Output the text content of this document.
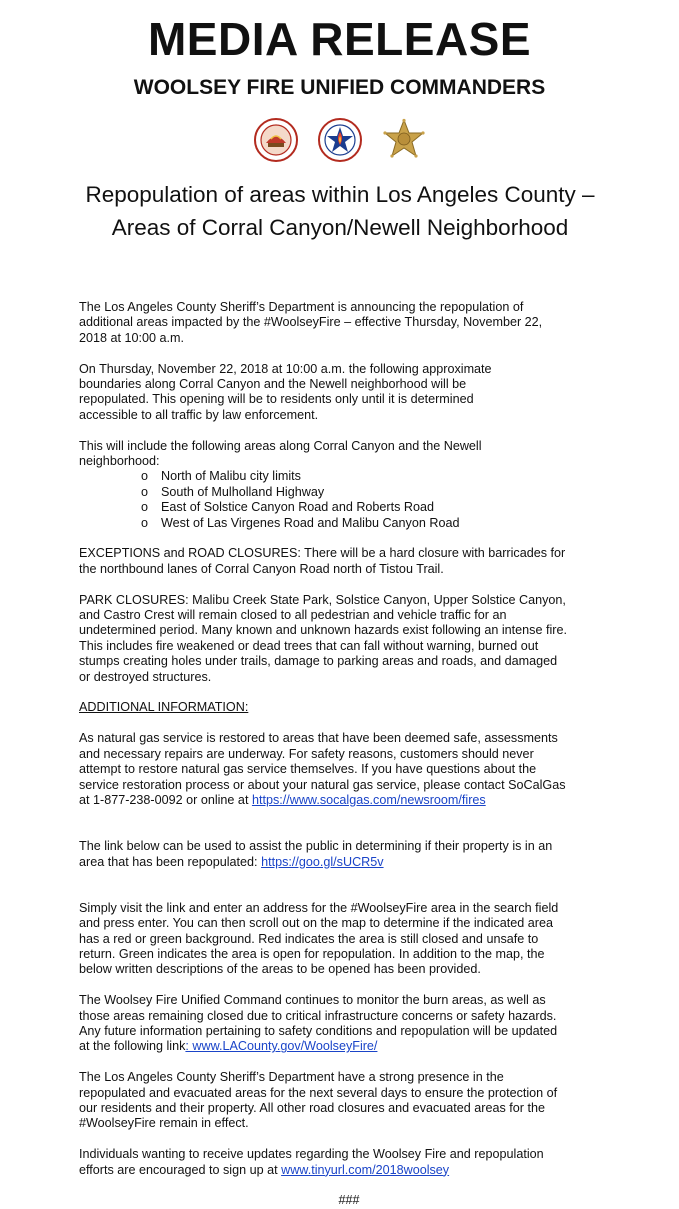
MEDIA RELEASE
WOOLSEY FIRE UNIFIED COMMANDERS
Repopulation of areas within Los Angeles County – Areas of Corral Canyon/Newell Neighborhood

The Los Angeles County Sheriff’s Department is announcing the repopulation of
additional areas impacted by the #WoolseyFire – effective Thursday, November 22,
2018 at 10:00 a.m.

On Thursday, November 22, 2018 at 10:00 a.m. the following approximate
boundaries along Corral Canyon and the Newell neighborhood will be
repopulated. This opening will be to residents only until it is determined
accessible to all traffic by law enforcement.

This will include the following areas along Corral Canyon and the Newell
neighborhood:

o North of Malibu city limits
o South of Mulholland Highway
o East of Solstice Canyon Road and Roberts Road
o West of Las Virgenes Road and Malibu Canyon Road

EXCEPTIONS and ROAD CLOSURES: There will be a hard closure with barricades for
the northbound lanes of Corral Canyon Road north of Tistou Trail.

PARK CLOSURES: Malibu Creek State Park, Solstice Canyon, Upper Solstice Canyon,
and Castro Crest will remain closed to all pedestrian and vehicle traffic for an
undetermined period. Many known and unknown hazards exist following an intense fire.
This includes fire weakened or dead trees that can fall without warning, burned out
stumps creating holes under trails, damage to parking areas and roads, and damaged
or destroyed structures.

ADDITIONAL INFORMATION:

As natural gas service is restored to areas that have been deemed safe, assessments
and necessary repairs are underway. For safety reasons, customers should never
attempt to restore natural gas service themselves. If you have questions about the
service restoration process or about your natural gas service, please contact SoCalGas
at 1-877-238-0092 or online at https://www.socalgas.com/newsroom/fires

The link below can be used to assist the public in determining if their property is in an
area that has been repopulated: https://goo.gl/sUCR5v

Simply visit the link and enter an address for the #WoolseyFire area in the search field
and press enter. You can then scroll out on the map to determine if the indicated area
has a red or green background. Red indicates the area is still closed and unsafe to
return. Green indicates the area is open for repopulation. In addition to the map, the
below written descriptions of the areas to be opened has been provided.

The Woolsey Fire Unified Command continues to monitor the burn areas, as well as
those areas remaining closed due to critical infrastructure concerns or safety hazards.
Any future information pertaining to safety conditions and repopulation will be updated
at the following link: www.LACounty.gov/WoolseyFire/

The Los Angeles County Sheriff’s Department have a strong presence in the
repopulated and evacuated areas for the next several days to ensure the protection of
our residents and their property. All other road closures and evacuated areas for the
#WoolseyFire remain in effect.

Individuals wanting to receive updates regarding the Woolsey Fire and repopulation
efforts are encouraged to sign up at www.tinyurl.com/2018woolsey

###
